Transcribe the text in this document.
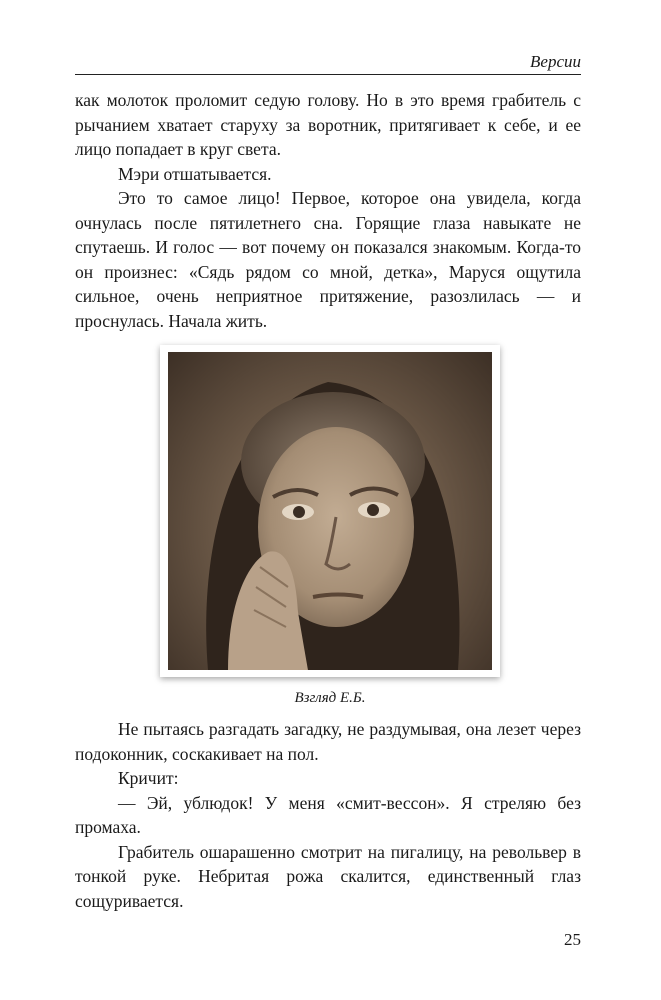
Версии

как молоток проломит седую голову. Но в это время грабитель с рычанием хватает старуху за воротник, притягивает к себе, и ее лицо попадает в круг света.

Мэри отшатывается.

Это то самое лицо! Первое, которое она увидела, когда очнулась после пятилетнего сна. Горящие глаза навыкате не спутаешь. И голос — вот почему он показался знакомым. Когда-то он произнес: «Сядь рядом со мной, детка», Маруся ощутила сильное, очень неприятное притяжение, разозлилась — и проснулась. Начала жить.

Взгляд Е.Б.

Не пытаясь разгадать загадку, не раздумывая, она лезет через подоконник, соскакивает на пол.

Кричит:

— Эй, ублюдок! У меня «смит-вессон». Я стреляю без промаха.

Грабитель ошарашенно смотрит на пигалицу, на револьвер в тонкой руке. Небритая рожа скалится, единственный глаз сощуривается.

25
